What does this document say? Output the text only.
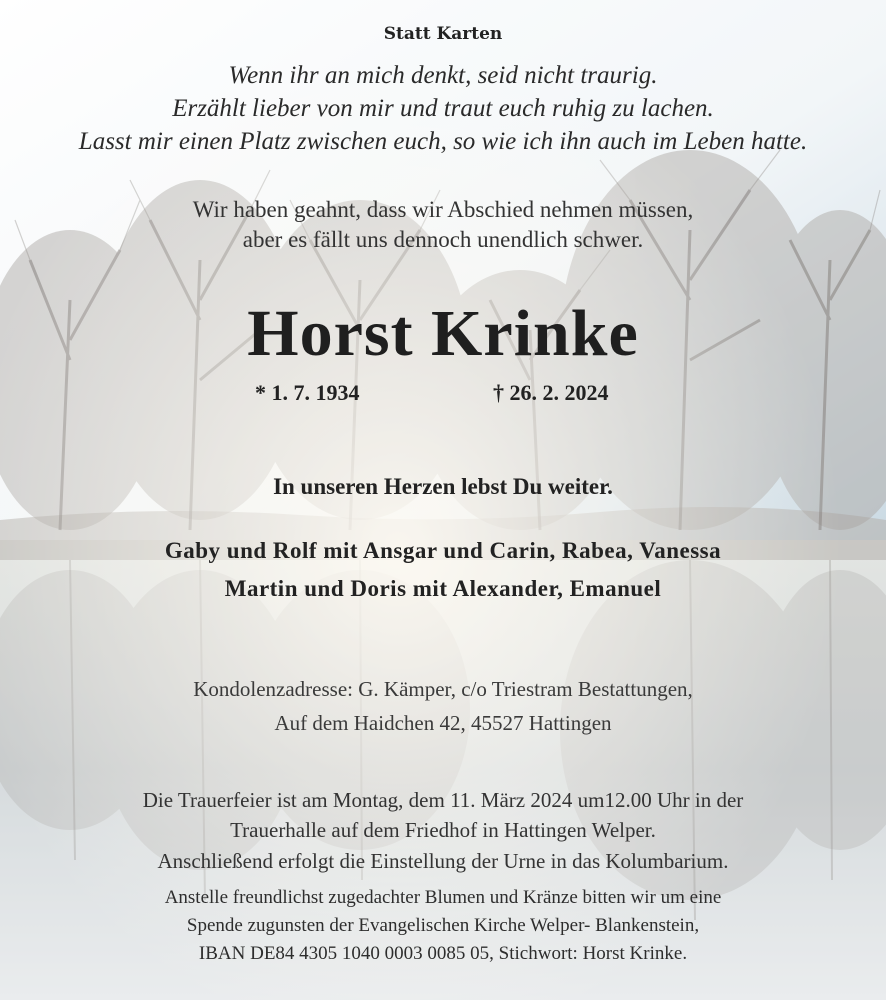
Statt Karten
Wenn ihr an mich denkt, seid nicht traurig.
Erzählt lieber von mir und traut euch ruhig zu lachen.
Lasst mir einen Platz zwischen euch, so wie ich ihn auch im Leben hatte.
Wir haben geahnt, dass wir Abschied nehmen müssen,
aber es fällt uns dennoch unendlich schwer.
Horst Krinke
* 1. 7. 1934	† 26. 2. 2024
In unseren Herzen lebst Du weiter.
Gaby und Rolf mit Ansgar und Carin, Rabea, Vanessa
Martin und Doris mit Alexander, Emanuel
Kondolenzadresse: G. Kämper, c/o Triestram Bestattungen,
Auf dem Haidchen 42, 45527 Hattingen
Die Trauerfeier ist am Montag, dem 11. März 2024 um12.00 Uhr in der
Trauerhalle auf dem Friedhof in Hattingen Welper.
Anschließend erfolgt die Einstellung der Urne in das Kolumbarium.
Anstelle freundlichst zugedachter Blumen und Kränze bitten wir um eine
Spende zugunsten der Evangelischen Kirche Welper- Blankenstein,
IBAN DE84 4305 1040 0003 0085 05, Stichwort: Horst Krinke.
